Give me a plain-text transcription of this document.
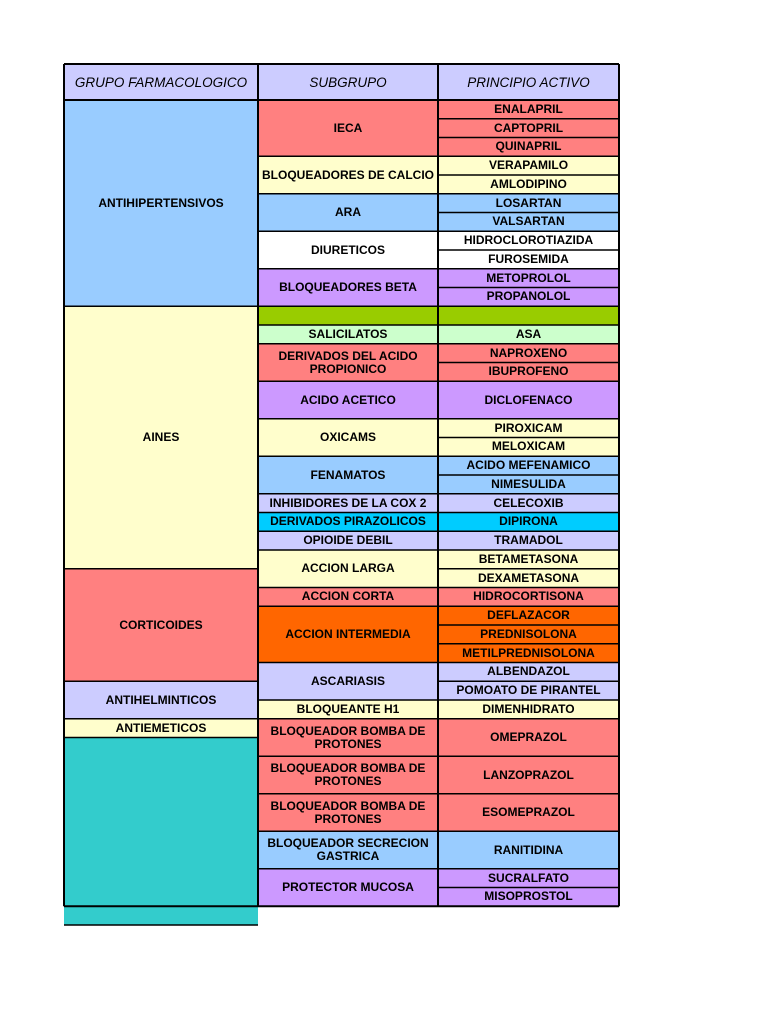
GRUPO FARMACOLOGICO	SUBGRUPO	PRINCIPIO ACTIVO
ANTIHIPERTENSIVOS
AINES
CORTICOIDES
ANTIHELMINTICOS
ANTIEMETICOS
IECA
BLOQUEADORES DE CALCIO
ARA
DIURETICOS
BLOQUEADORES BETA
SALICILATOS
DERIVADOS DEL ACIDO PROPIONICO
ACIDO ACETICO
OXICAMS
FENAMATOS
INHIBIDORES DE LA COX 2
DERIVADOS PIRAZOLICOS
OPIOIDE DEBIL
ACCION LARGA
ACCION CORTA
ACCION INTERMEDIA
ASCARIASIS
BLOQUEANTE H1
BLOQUEADOR BOMBA DE PROTONES
BLOQUEADOR BOMBA DE PROTONES
BLOQUEADOR BOMBA DE PROTONES
BLOQUEADOR SECRECION GASTRICA
PROTECTOR MUCOSA
ENALAPRIL
CAPTOPRIL
QUINAPRIL
VERAPAMILO
AMLODIPINO
LOSARTAN
VALSARTAN
HIDROCLOROTIAZIDA
FUROSEMIDA
METOPROLOL
PROPANOLOL
ASA
NAPROXENO
IBUPROFENO
DICLOFENACO
PIROXICAM
MELOXICAM
ACIDO MEFENAMICO
NIMESULIDA
CELECOXIB
DIPIRONA
TRAMADOL
BETAMETASONA
DEXAMETASONA
HIDROCORTISONA
DEFLAZACOR
PREDNISOLONA
METILPREDNISOLONA
ALBENDAZOL
POMOATO DE PIRANTEL
DIMENHIDRATO
OMEPRAZOL
LANZOPRAZOL
ESOMEPRAZOL
RANITIDINA
SUCRALFATO
MISOPROSTOL
